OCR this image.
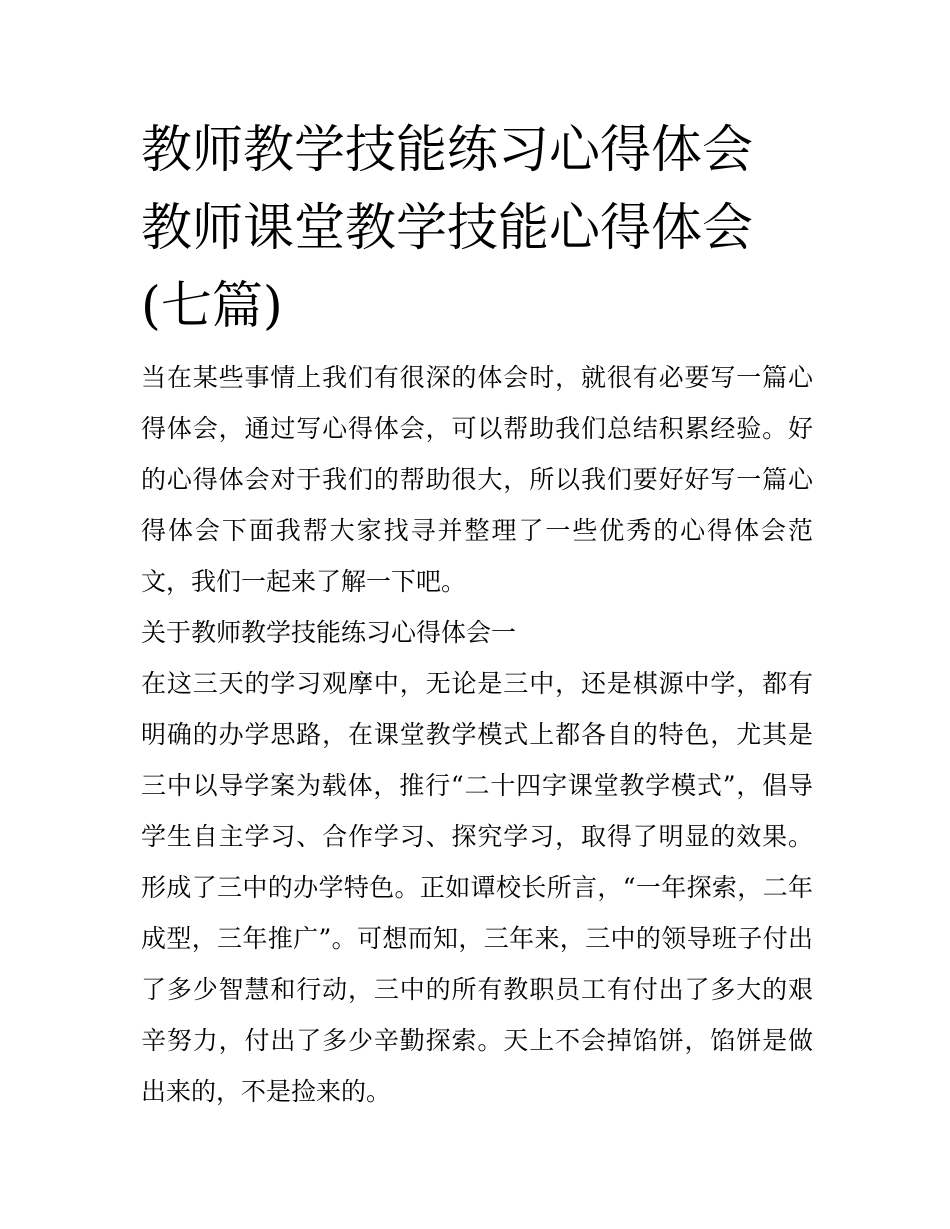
教师教学技能练习心得体会 教师课堂教学技能心得体会(七篇)

当在某些事情上我们有很深的体会时，就很有必要写一篇心得体会，通过写心得体会，可以帮助我们总结积累经验。好的心得体会对于我们的帮助很大，所以我们要好好写一篇心得体会下面我帮大家找寻并整理了一些优秀的心得体会范文，我们一起来了解一下吧。

关于教师教学技能练习心得体会一

在这三天的学习观摩中，无论是三中，还是棋源中学，都有明确的办学思路，在课堂教学模式上都各自的特色，尤其是三中以导学案为载体，推行“二十四字课堂教学模式”，倡导学生自主学习、合作学习、探究学习，取得了明显的效果。形成了三中的办学特色。正如谭校长所言，“一年探索，二年成型，三年推广”。可想而知，三年来，三中的领导班子付出了多少智慧和行动，三中的所有教职员工有付出了多大的艰辛努力，付出了多少辛勤探索。天上不会掉馅饼，馅饼是做出来的，不是捡来的。
